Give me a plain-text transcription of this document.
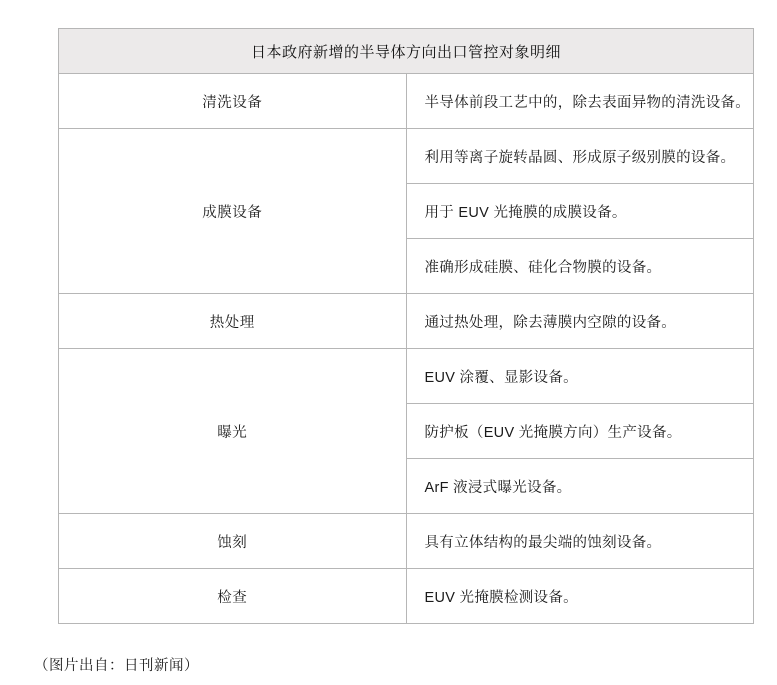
日本政府新增的半导体方向出口管控对象明细	
清洗设备	半导体前段工艺中的，除去表面异物的清洗设备。
成膜设备	利用等离子旋转晶圆、形成原子级别膜的设备。
	用于 EUV 光掩膜的成膜设备。
	准确形成硅膜、硅化合物膜的设备。
热处理	通过热处理，除去薄膜内空隙的设备。
曝光	EUV 涂覆、显影设备。
	防护板（EUV 光掩膜方向）生产设备。
	ArF 液浸式曝光设备。
蚀刻	具有立体结构的最尖端的蚀刻设备。
检查	EUV 光掩膜检测设备。
（图片出自：日刊新闻）
